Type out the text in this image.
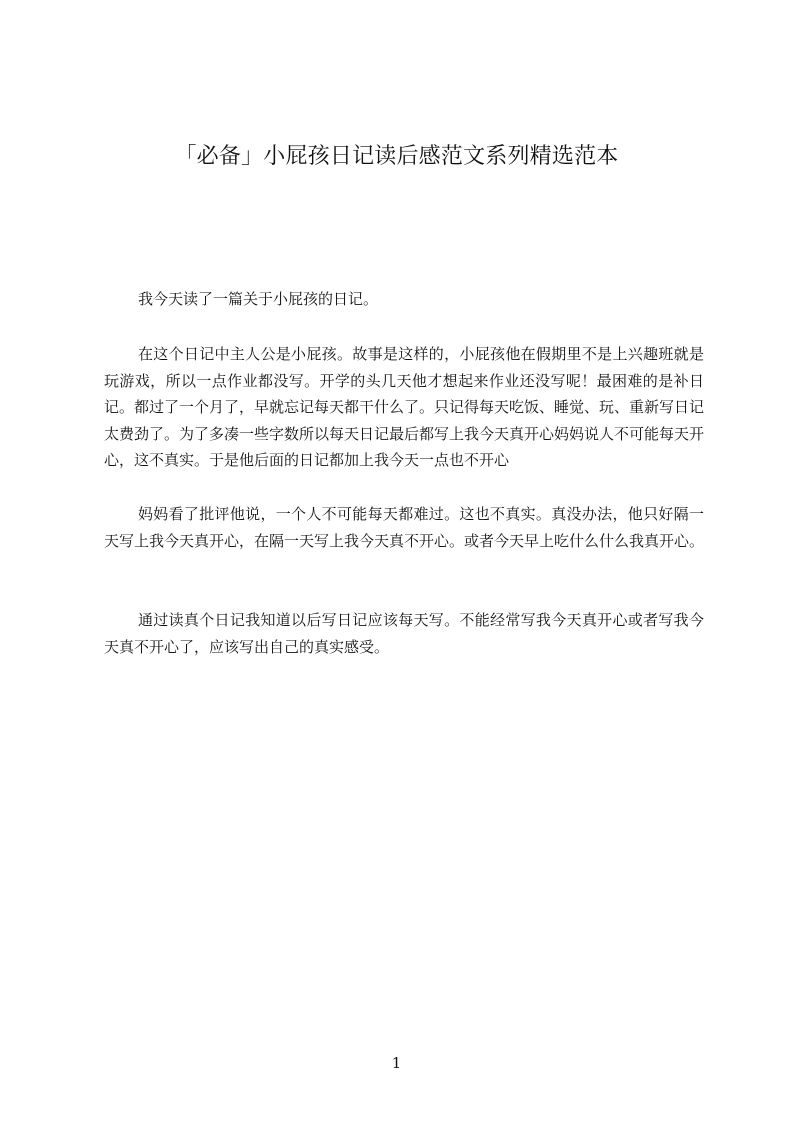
「必备」小屁孩日记读后感范文系列精选范本

我今天读了一篇关于小屁孩的日记。

在这个日记中主人公是小屁孩。故事是这样的，小屁孩他在假期里不是上兴趣班就是玩游戏，所以一点作业都没写。开学的头几天他才想起来作业还没写呢！最困难的是补日记。都过了一个月了，早就忘记每天都干什么了。只记得每天吃饭、睡觉、玩、重新写日记太费劲了。为了多凑一些字数所以每天日记最后都写上我今天真开心妈妈说人不可能每天开心，这不真实。于是他后面的日记都加上我今天一点也不开心

妈妈看了批评他说，一个人不可能每天都难过。这也不真实。真没办法，他只好隔一天写上我今天真开心，在隔一天写上我今天真不开心。或者今天早上吃什么什么我真开心。

通过读真个日记我知道以后写日记应该每天写。不能经常写我今天真开心或者写我今天真不开心了，应该写出自己的真实感受。

1
